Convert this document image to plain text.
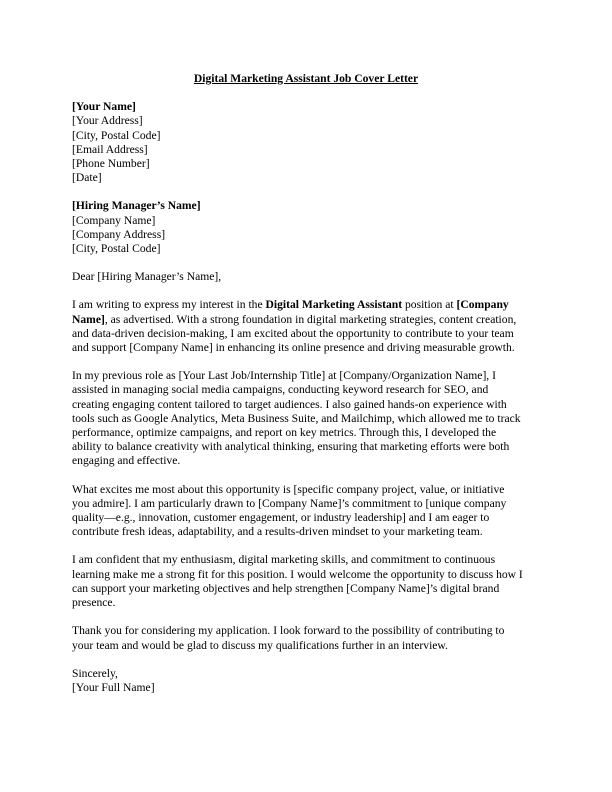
Digital Marketing Assistant Job Cover Letter
[Your Name]
[Your Address]
[City, Postal Code]
[Email Address]
[Phone Number]
[Date]
[Hiring Manager’s Name]
[Company Name]
[Company Address]
[City, Postal Code]

Dear [Hiring Manager’s Name],

I am writing to express my interest in the Digital Marketing Assistant position at [Company
Name], as advertised. With a strong foundation in digital marketing strategies, content creation,
and data-driven decision-making, I am excited about the opportunity to contribute to your team
and support [Company Name] in enhancing its online presence and driving measurable growth.

In my previous role as [Your Last Job/Internship Title] at [Company/Organization Name], I
assisted in managing social media campaigns, conducting keyword research for SEO, and
creating engaging content tailored to target audiences. I also gained hands-on experience with
tools such as Google Analytics, Meta Business Suite, and Mailchimp, which allowed me to track
performance, optimize campaigns, and report on key metrics. Through this, I developed the
ability to balance creativity with analytical thinking, ensuring that marketing efforts were both
engaging and effective.

What excites me most about this opportunity is [specific company project, value, or initiative
you admire]. I am particularly drawn to [Company Name]’s commitment to [unique company
quality—e.g., innovation, customer engagement, or industry leadership] and I am eager to
contribute fresh ideas, adaptability, and a results-driven mindset to your marketing team.

I am confident that my enthusiasm, digital marketing skills, and commitment to continuous
learning make me a strong fit for this position. I would welcome the opportunity to discuss how I
can support your marketing objectives and help strengthen [Company Name]’s digital brand
presence.

Thank you for considering my application. I look forward to the possibility of contributing to
your team and would be glad to discuss my qualifications further in an interview.

Sincerely,
[Your Full Name]
